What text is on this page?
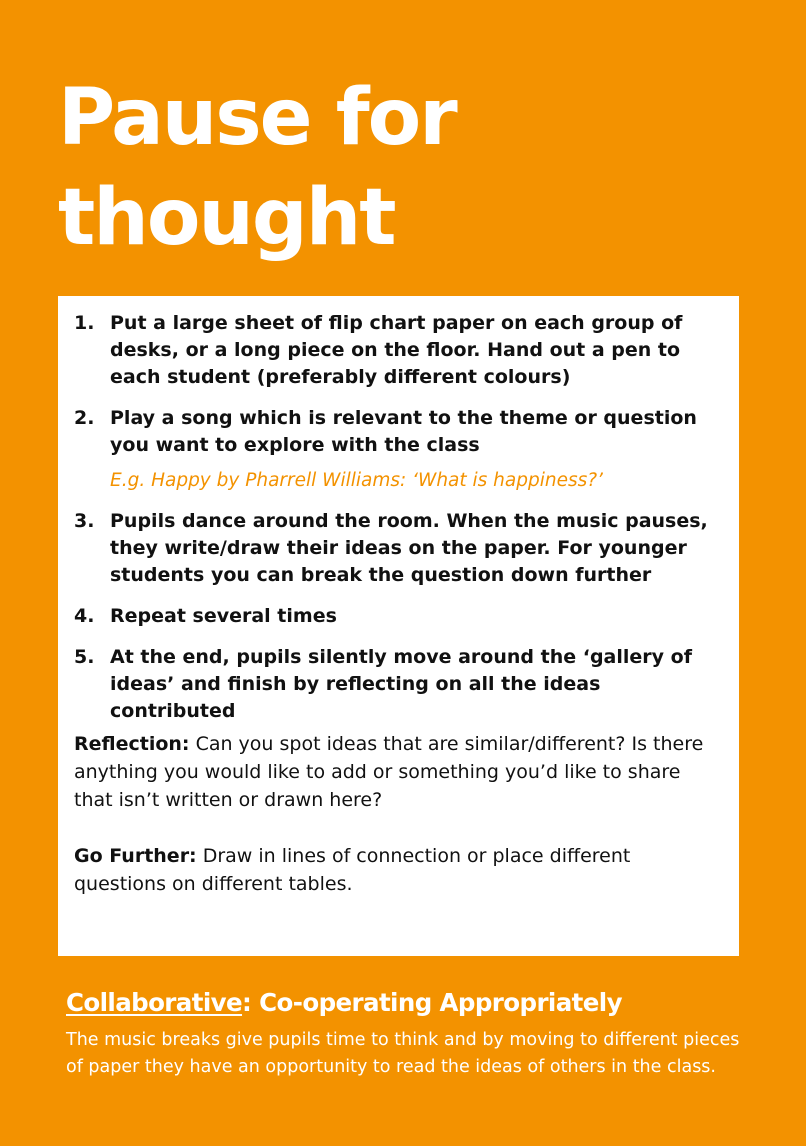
Pause for
thought
1. Put a large sheet of flip chart paper on each group of desks, or a long piece on the floor. Hand out a pen to each student (preferably different colours)
2. Play a song which is relevant to the theme or question you want to explore with the class
E.g. Happy by Pharrell Williams: ‘What is happiness?’
3. Pupils dance around the room. When the music pauses, they write/draw their ideas on the paper. For younger students you can break the question down further
4. Repeat several times
5. At the end, pupils silently move around the ‘gallery of ideas’ and finish by reflecting on all the ideas contributed

Reflection: Can you spot ideas that are similar/different? Is there anything you would like to add or something you’d like to share that isn’t written or drawn here?

Go Further: Draw in lines of connection or place different questions on different tables.

Collaborative: Co-operating Appropriately

The music breaks give pupils time to think and by moving to different pieces of paper they have an opportunity to read the ideas of others in the class.
